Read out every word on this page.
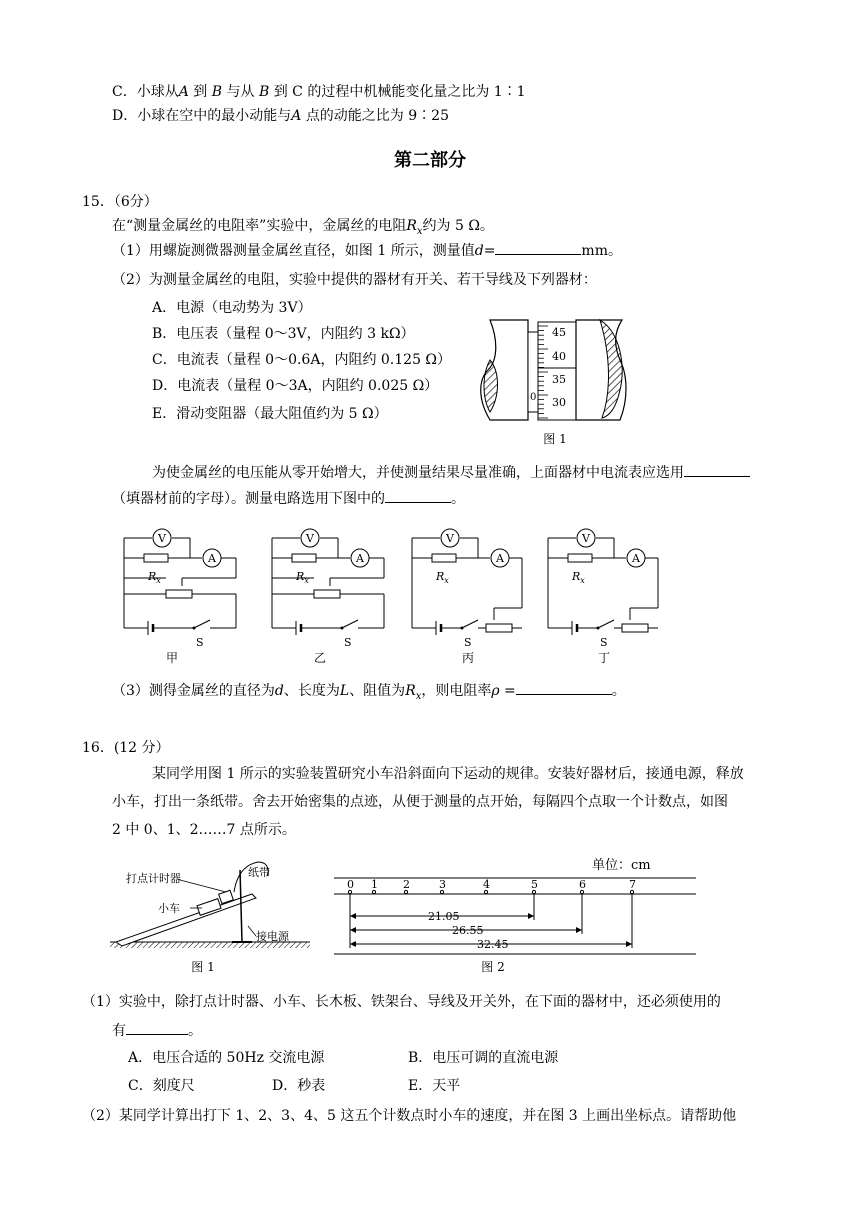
C．小球从A 到 B 与从 B 到 C 的过程中机械能变化量之比为 1∶1
D．小球在空中的最小动能与A 点的动能之比为 9∶25
第二部分
15．（6分）
在“测量金属丝的电阻率”实验中，金属丝的电阻$R_x$约为 5 Ω。
（1）用螺旋测微器测量金属丝直径，如图 1 所示，测量值d=	mm。
（2）为测量金属丝的电阻，实验中提供的器材有开关、若干导线及下列器材：
A．电源（电动势为 3V）
B．电压表（量程 0～3V，内阻约 3 kΩ）
C．电流表（量程 0～0.6A，内阻约 0.125 Ω）
D．电流表（量程 0～3A，内阻约 0.025 Ω）
E．滑动变阻器（最大阻值约为 5 Ω）
45
40
35
30
0
图 1
为使金属丝的电压能从零开始增大，并使测量结果尽量准确，上面器材中电流表应选用
（填器材前的字母）。测量电路选用下图中的	。
V
$R_x$
A
S
甲
V
$R_x$
A
S
乙
V
$R_x$
A
S
丙
V
$R_x$
A
S
丁
（3）测得金属丝的直径为d、长度为L、阻值为$R_x$，则电阻率ρ =	。
16．(12 分）
某同学用图 1 所示的实验装置研究小车沿斜面向下运动的规律。安装好器材后，接通电源，释放
小车，打出一条纸带。舍去开始密集的点迹，从便于测量的点开始，每隔四个点取一个计数点，如图
2 中 0、1、2……7 点所示。
打点计时器	纸带
小车
接电源
图 1
0 1 2	3	4	5	6	7
21.05
26.55
32.45
单位：cm
图 2
（1）实验中，除打点计时器、小车、长木板、铁架台、导线及开关外，在下面的器材中，还必须使用的
有	。
A．电压合适的 50Hz 交流电源	B．电压可调的直流电源
C．刻度尺	D．秒表	E．天平
（2）某同学计算出打下 1、2、3、4、5 这五个计数点时小车的速度，并在图 3 上画出坐标点。请帮助他
